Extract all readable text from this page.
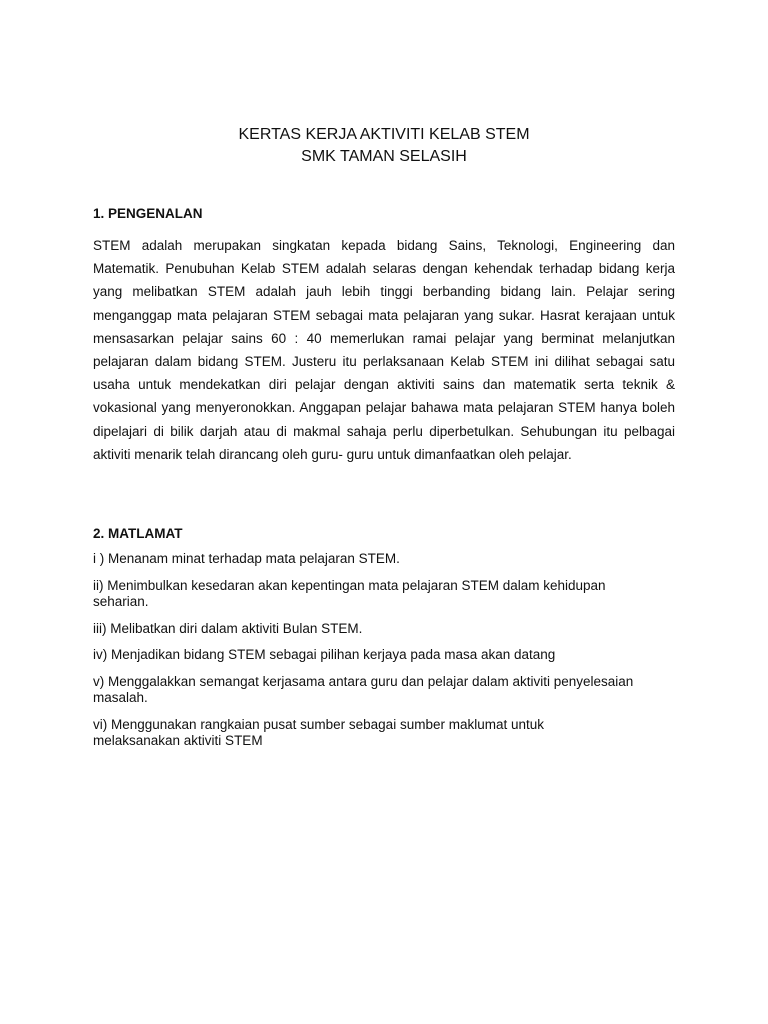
KERTAS KERJA AKTIVITI KELAB STEM
SMK TAMAN SELASIH
1. PENGENALAN
STEM adalah merupakan singkatan kepada bidang Sains, Teknologi, Engineering dan Matematik. Penubuhan Kelab STEM adalah selaras dengan kehendak terhadap bidang kerja yang melibatkan STEM adalah jauh lebih tinggi berbanding bidang lain. Pelajar sering menganggap mata pelajaran STEM sebagai mata pelajaran yang sukar. Hasrat kerajaan untuk mensasarkan pelajar sains 60 : 40 memerlukan ramai pelajar yang berminat melanjutkan pelajaran dalam bidang STEM. Justeru itu perlaksanaan Kelab STEM ini dilihat sebagai satu usaha untuk mendekatkan diri pelajar dengan aktiviti sains dan matematik serta teknik & vokasional yang menyeronokkan. Anggapan pelajar bahawa mata pelajaran STEM hanya boleh dipelajari di bilik darjah atau di makmal sahaja perlu diperbetulkan. Sehubungan itu pelbagai aktiviti menarik telah dirancang oleh guru- guru untuk dimanfaatkan oleh pelajar.
2. MATLAMAT
i ) Menanam minat terhadap mata pelajaran STEM.
ii) Menimbulkan kesedaran akan kepentingan mata pelajaran STEM dalam kehidupan seharian.
iii) Melibatkan diri dalam aktiviti Bulan STEM.
iv) Menjadikan bidang STEM sebagai pilihan kerjaya pada masa akan datang
v) Menggalakkan semangat kerjasama antara guru dan pelajar dalam aktiviti penyelesaian masalah.
vi) Menggunakan rangkaian pusat sumber sebagai sumber maklumat untuk melaksanakan aktiviti STEM
